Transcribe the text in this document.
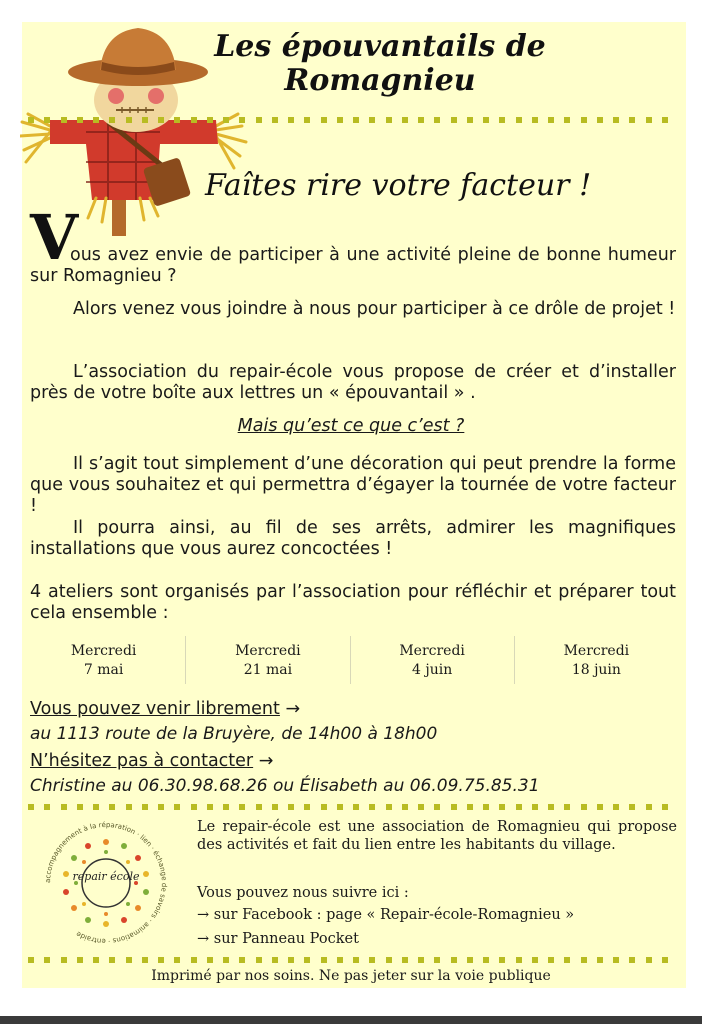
Les épouvantails de
Romagnieu
Faîtes rire votre facteur !
V

ous avez envie de participer à une activité pleine de bonne humeur sur Romagnieu ?

Alors venez vous joindre à nous pour participer à ce drôle de projet !

L’association du repair-école vous propose de créer et d’installer près de votre boîte aux lettres un « épouvantail » .

Mais qu’est ce que c’est ?

Il s’agit tout simplement d’une décoration qui peut prendre la forme que vous souhaitez et qui permettra d’égayer la tournée de votre facteur !

Il pourra ainsi, au fil de ses arrêts, admirer les magnifiques installations que vous aurez concoctées !

4 ateliers sont organisés par l’association pour réfléchir et préparer tout cela ensemble :

Mercredi
7 mai
Mercredi
21 mai
Mercredi
4 juin
Mercredi
18 juin
Vous pouvez venir librement →
au 1113 route de la Bruyère, de 14h00 à 18h00
N’hésitez pas à contacter →
Christine au 06.30.98.68.26 ou Élisabeth au 06.09.75.85.31
accompagnement à la réparation · lien · échange de savoirs · animations · entraide
repair école
Le repair-école est une association de Romagnieu qui propose des activités et fait du lien entre les habitants du village.
Vous pouvez nous suivre ici :
→ sur Facebook : page « Repair-école-Romagnieu »
→ sur Panneau Pocket
Imprimé par nos soins. Ne pas jeter sur la voie publique
